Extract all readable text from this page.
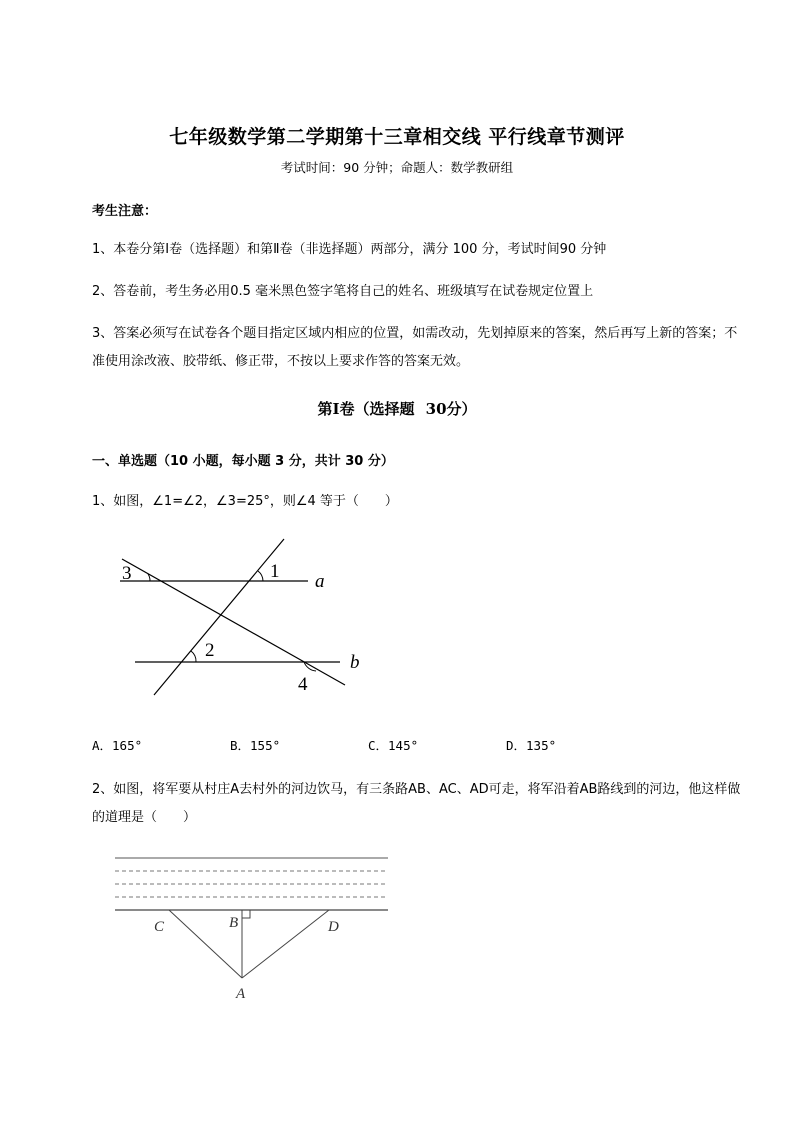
七年级数学第二学期第十三章相交线 平行线章节测评
考试时间：90 分钟；命题人：数学教研组
考生注意：
1、本卷分第Ⅰ卷（选择题）和第Ⅱ卷（非选择题）两部分，满分 100 分，考试时间90 分钟
2、答卷前，考生务必用0.5 毫米黑色签字笔将自己的姓名、班级填写在试卷规定位置上
3、答案必须写在试卷各个题目指定区域内相应的位置，如需改动，先划掉原来的答案，然后再写上新的答案；不准使用涂改液、胶带纸、修正带，不按以上要求作答的答案无效。
第Ⅰ卷（选择题 30分）
一、单选题（10 小题，每小题 3 分，共计 30 分）
1、如图，∠1=∠2，∠3=25°，则∠4 等于（　　）
3	1 a
2
b
4
A．165°	B．155°	C．145°	D．135°
2、如图，将军要从村庄A去村外的河边饮马，有三条路AB、AC、AD可走，将军沿着AB路线到的河边，他这样做的道理是（　　）
C	B	D
A
